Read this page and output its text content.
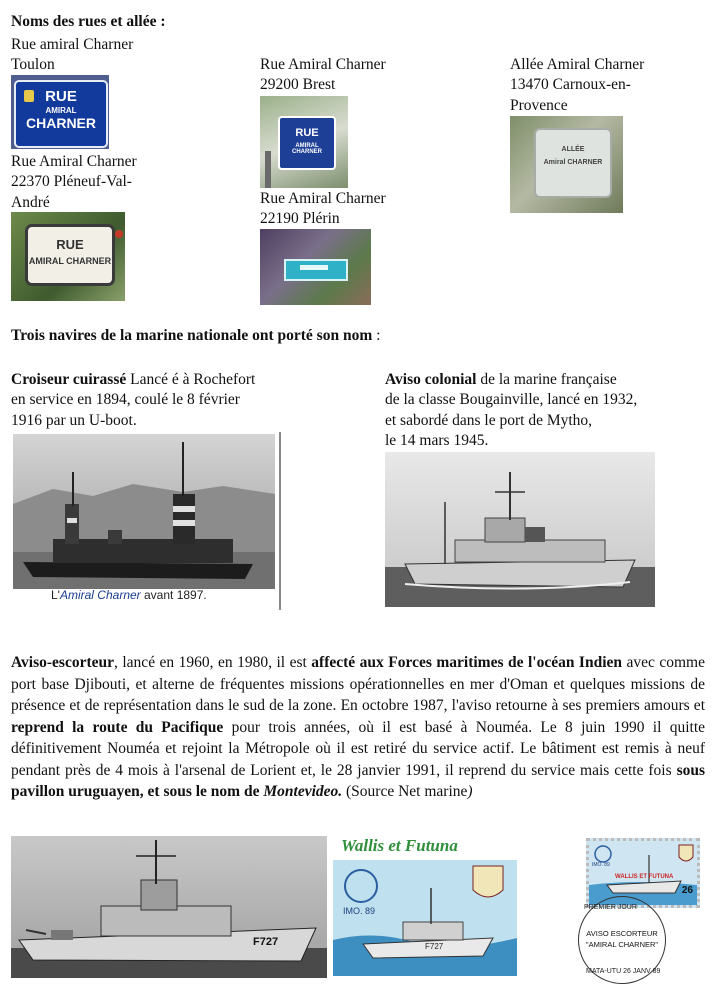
Noms des rues et allée :
Rue amiral Charner
Toulon
RUE
AMIRAL
CHARNER
Rue Amiral Charner
22370 Pléneuf-Val-
André
RUE
AMIRAL CHARNER
Rue Amiral Charner
29200 Brest
RUE
AMIRAL CHARNER
Rue Amiral Charner
22190 Plérin
Allée Amiral Charner
13470 Carnoux-en-
Provence
ALLÉE
Amiral CHARNER
Trois navires de la marine nationale ont porté son nom :
Croiseur cuirassé Lancé é à Rochefort
en service en 1894, coulé le 8 février
1916 par un U-boot.
L'Amiral Charner avant 1897.
Aviso colonial de la marine française
de la classe Bougainville, lancé en 1932,
et sabordé dans le port de Mytho,
le 14 mars 1945.
Aviso-escorteur, lancé en 1960, en 1980, il est affecté aux Forces maritimes de l'océan Indien avec comme port base Djibouti, et alterne de fréquentes missions opérationnelles en mer d'Oman et quelques missions de présence et de représentation dans le sud de la zone. En octobre 1987, l'aviso retourne à ses premiers amours et reprend la route du Pacifique pour trois années, où il est basé à Nouméa. Le 8 juin 1990 il quitte définitivement Nouméa et rejoint la Métropole où il est retiré du service actif. Le bâtiment est remis à neuf pendant près de 4 mois à l'arsenal de Lorient et, le 28 janvier 1991, il reprend du service mais cette fois sous pavillon uruguayen, et sous le nom de Montevideo. (Source Net marine)
F727
Wallis et Futuna
IMO. 89
F727
IMO. 89
26
WALLIS ET FUTUNA
PREMIER JOUR
AVISO ESCORTEUR
"AMIRAL CHARNER"
MATA-UTU 26 JANV 89
